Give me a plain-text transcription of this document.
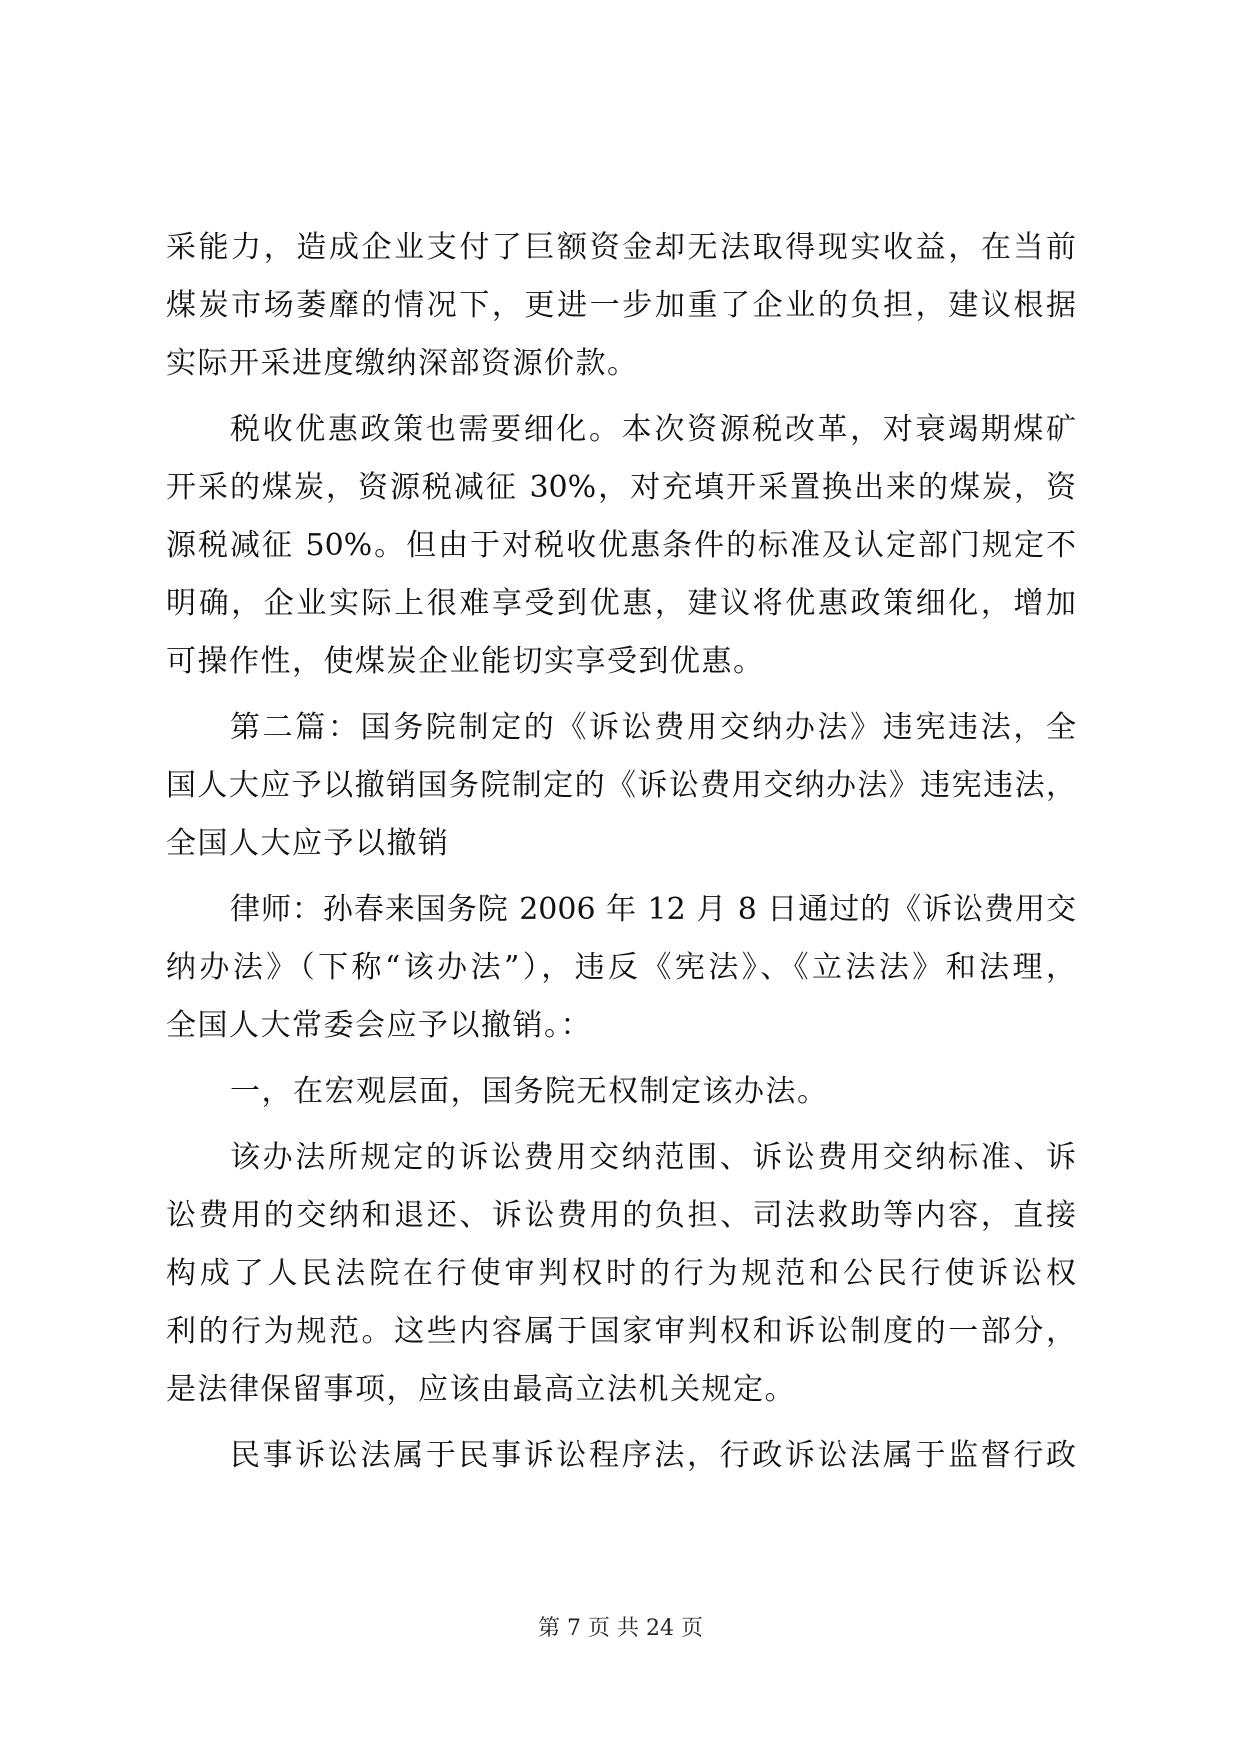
采能力，造成企业支付了巨额资金却无法取得现实收益，在当前
煤炭市场萎靡的情况下，更进一步加重了企业的负担，建议根据
实际开采进度缴纳深部资源价款。
税收优惠政策也需要细化。本次资源税改革，对衰竭期煤矿
开采的煤炭，资源税减征 30%，对充填开采置换出来的煤炭，资
源税减征 50%。但由于对税收优惠条件的标准及认定部门规定不
明确，企业实际上很难享受到优惠，建议将优惠政策细化，增加
可操作性，使煤炭企业能切实享受到优惠。
第二篇：国务院制定的《诉讼费用交纳办法》违宪违法，全
国人大应予以撤销国务院制定的《诉讼费用交纳办法》违宪违法，
全国人大应予以撤销
律师：孙春来国务院 2006 年 12 月 8 日通过的《诉讼费用交
纳办法》（下称“该办法”），违反《宪法》、《立法法》和法理，
全国人大常委会应予以撤销。：
一，在宏观层面，国务院无权制定该办法。
该办法所规定的诉讼费用交纳范围、诉讼费用交纳标准、诉
讼费用的交纳和退还、诉讼费用的负担、司法救助等内容，直接
构成了人民法院在行使审判权时的行为规范和公民行使诉讼权
利的行为规范。这些内容属于国家审判权和诉讼制度的一部分，
是法律保留事项，应该由最高立法机关规定。
民事诉讼法属于民事诉讼程序法，行政诉讼法属于监督行政
第 7 页 共 24 页
